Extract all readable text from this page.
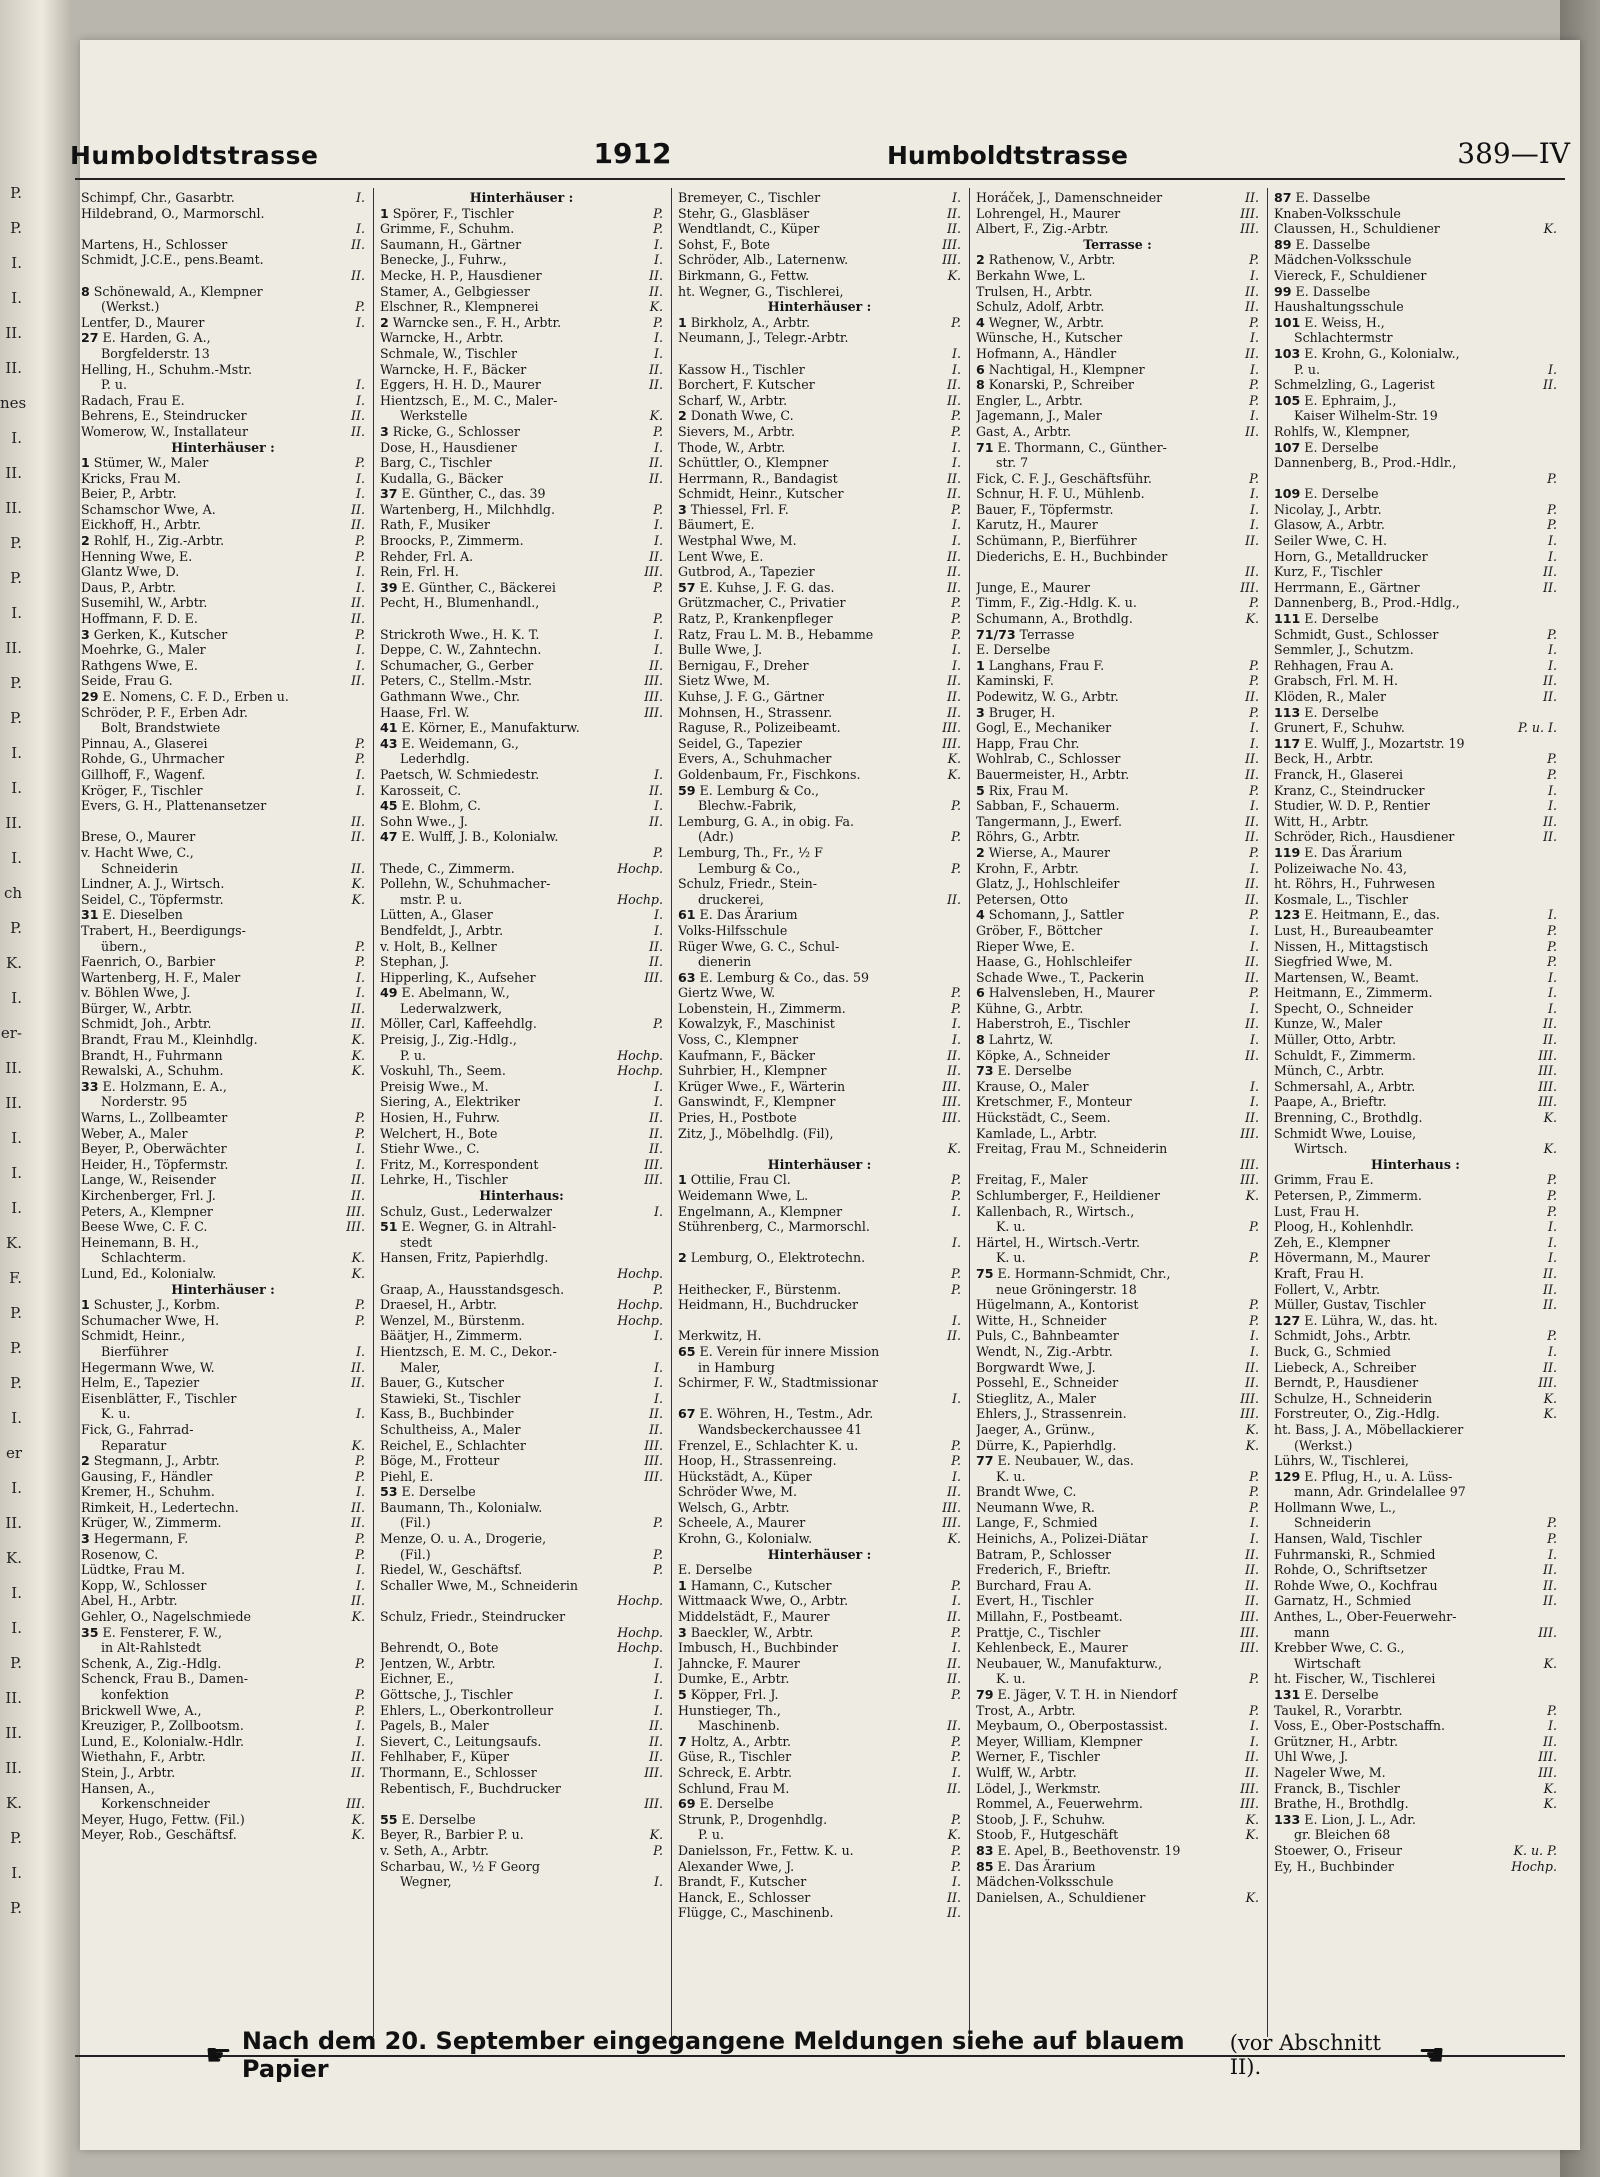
P.
P.
I.
I.
II.
II.
nes
I.
II.
II.
P.
P.
I.
II.
P.
P.
I.
I.
II.
I.
ch
P.
K.
I.
er-
II.
II.
I.
I.
I.
K.
F.
P.
P.
P.
I.
er
I.
II.
K.
I.
I.
P.
II.
II.
II.
K.
P.
I.
P.
Humboldtstrasse	1912	Humboldtstrasse	389—IV
Schimpf, Chr., Gasarbtr.	I.
Hildebrand, O., Marmorschl.
I.
Martens, H., Schlosser	II.
Schmidt, J.C.E., pens.Beamt.
II.
8 Schönewald, A., Klempner
(Werkst.)	P.
Lentfer, D., Maurer	I.
27 E. Harden, G. A.,
Borgfelderstr. 13
Helling, H., Schuhm.-Mstr.
P. u.	I.
Radach, Frau E.	I.
Behrens, E., Steindrucker	II.
Womerow, W., Installateur	II.
Hinterhäuser :
1 Stümer, W., Maler	P.
Kricks, Frau M.	I.
Beier, P., Arbtr.	I.
Schamschor Wwe, A.	II.
Eickhoff, H., Arbtr.	II.
2 Rohlf, H., Zig.-Arbtr.	P.
Henning Wwe, E.	P.
Glantz Wwe, D.	I.
Daus, P., Arbtr.	I.
Susemihl, W., Arbtr.	II.
Hoffmann, F. D. E.	II.
3 Gerken, K., Kutscher	P.
Moehrke, G., Maler	I.
Rathgens Wwe, E.	I.
Seide, Frau G.	II.
29 E. Nomens, C. F. D., Erben u.
Schröder, P. F., Erben Adr.
Bolt, Brandstwiete
Pinnau, A., Glaserei	P.
Rohde, G., Uhrmacher	P.
Gillhoff, F., Wagenf.	I.
Kröger, F., Tischler	I.
Evers, G. H., Plattenansetzer
II.
Brese, O., Maurer	II.
v. Hacht Wwe, C.,
Schneiderin	II.
Lindner, A. J., Wirtsch.	K.
Seidel, C., Töpfermstr.	K.
31 E. Dieselben
Trabert, H., Beerdigungs-
übern.,	P.
Faenrich, O., Barbier	P.
Wartenberg, H. F., Maler	I.
v. Böhlen Wwe, J.	I.
Bürger, W., Arbtr.	II.
Schmidt, Joh., Arbtr.	II.
Brandt, Frau M., Kleinhdlg.	K.
Brandt, H., Fuhrmann	K.
Rewalski, A., Schuhm.	K.
33 E. Holzmann, E. A.,
Norderstr. 95
Warns, L., Zollbeamter	P.
Weber, A., Maler	P.
Beyer, P., Oberwächter	I.
Heider, H., Töpfermstr.	I.
Lange, W., Reisender	II.
Kirchenberger, Frl. J.	II.
Peters, A., Klempner	III.
Beese Wwe, C. F. C.	III.
Heinemann, B. H.,
Schlachterm.	K.
Lund, Ed., Kolonialw.	K.
Hinterhäuser :
1 Schuster, J., Korbm.	P.
Schumacher Wwe, H.	P.
Schmidt, Heinr.,
Bierführer	I.
Hegermann Wwe, W.	II.
Helm, E., Tapezier	II.
Eisenblätter, F., Tischler
K. u.	I.
Fick, G., Fahrrad-
Reparatur	K.
2 Stegmann, J., Arbtr.	P.
Gausing, F., Händler	P.
Kremer, H., Schuhm.	I.
Rimkeit, H., Ledertechn.	II.
Krüger, W., Zimmerm.	II.
3 Hegermann, F.	P.
Rosenow, C.	P.
Lüdtke, Frau M.	I.
Kopp, W., Schlosser	I.
Abel, H., Arbtr.	II.
Gehler, O., Nagelschmiede	K.
35 E. Fensterer, F. W.,
in Alt-Rahlstedt
Schenk, A., Zig.-Hdlg.	P.
Schenck, Frau B., Damen-
konfektion	P.
Brickwell Wwe, A.,	P.
Kreuziger, P., Zollbootsm.	I.
Lund, E., Kolonialw.-Hdlr.	I.
Wiethahn, F., Arbtr.	II.
Stein, J., Arbtr.	II.
Hansen, A.,
Korkenschneider	III.
Meyer, Hugo, Fettw. (Fil.)	K.
Meyer, Rob., Geschäftsf.	K.
Hinterhäuser :
1 Spörer, F., Tischler	P.
Grimme, F., Schuhm.	P.
Saumann, H., Gärtner	I.
Benecke, J., Fuhrw.,	I.
Mecke, H. P., Hausdiener	II.
Stamer, A., Gelbgiesser	II.
Elschner, R., Klempnerei	K.
2 Warncke sen., F. H., Arbtr.	P.
Warncke, H., Arbtr.	I.
Schmale, W., Tischler	I.
Warncke, H. F., Bäcker	II.
Eggers, H. H. D., Maurer	II.
Hientzsch, E., M. C., Maler-
Werkstelle	K.
3 Ricke, G., Schlosser	P.
Dose, H., Hausdiener	I.
Barg, C., Tischler	II.
Kudalla, G., Bäcker	II.
37 E. Günther, C., das. 39
Wartenberg, H., Milchhdlg.	P.
Rath, F., Musiker	I.
Broocks, P., Zimmerm.	I.
Rehder, Frl. A.	II.
Rein, Frl. H.	III.
39 E. Günther, C., Bäckerei	P.
Pecht, H., Blumenhandl.,
P.
Strickroth Wwe., H. K. T.	I.
Deppe, C. W., Zahntechn.	I.
Schumacher, G., Gerber	II.
Peters, C., Stellm.-Mstr.	III.
Gathmann Wwe., Chr.	III.
Haase, Frl. W.	III.
41 E. Körner, E., Manufakturw.
43 E. Weidemann, G.,
Lederhdlg.
Paetsch, W. Schmiedestr.	I.
Karosseit, C.	II.
45 E. Blohm, C.	I.
Sohn Wwe., J.	II.
47 E. Wulff, J. B., Kolonialw.
P.
Thede, C., Zimmerm.	Hochp.
Pollehn, W., Schuhmacher-
mstr. P. u.	Hochp.
Lütten, A., Glaser	I.
Bendfeldt, J., Arbtr.	I.
v. Holt, B., Kellner	II.
Stephan, J.	II.
Hipperling, K., Aufseher	III.
49 E. Abelmann, W.,
Lederwalzwerk,
Möller, Carl, Kaffeehdlg.	P.
Preisig, J., Zig.-Hdlg.,
P. u.	Hochp.
Voskuhl, Th., Seem.	Hochp.
Preisig Wwe., M.	I.
Siering, A., Elektriker	I.
Hosien, H., Fuhrw.	II.
Welchert, H., Bote	II.
Stiehr Wwe., C.	II.
Fritz, M., Korrespondent	III.
Lehrke, H., Tischler	III.
Hinterhaus:
Schulz, Gust., Lederwalzer	I.
51 E. Wegner, G. in Altrahl-
stedt
Hansen, Fritz, Papierhdlg.
Hochp.
Graap, A., Hausstandsgesch.	P.
Draesel, H., Arbtr.	Hochp.
Wenzel, M., Bürstenm.	Hochp.
Bäätjer, H., Zimmerm.	I.
Hientzsch, E. M. C., Dekor.-
Maler,	I.
Bauer, G., Kutscher	I.
Stawieki, St., Tischler	I.
Kass, B., Buchbinder	II.
Schultheiss, A., Maler	II.
Reichel, E., Schlachter	III.
Böge, M., Frotteur	III.
Piehl, E.	III.
53 E. Derselbe
Baumann, Th., Kolonialw.
(Fil.)	P.
Menze, O. u. A., Drogerie,
(Fil.)	P.
Riedel, W., Geschäftsf.	P.
Schaller Wwe, M., Schneiderin
Hochp.
Schulz, Friedr., Steindrucker
Hochp.
Behrendt, O., Bote	Hochp.
Jentzen, W., Arbtr.	I.
Eichner, E.,	I.
Göttsche, J., Tischler	I.
Ehlers, L., Oberkontrolleur	I.
Pagels, B., Maler	II.
Sievert, C., Leitungsaufs.	II.
Fehlhaber, F., Küper	II.
Thormann, E., Schlosser	III.
Rebentisch, F., Buchdrucker
III.
55 E. Derselbe
Beyer, R., Barbier P. u.	K.
v. Seth, A., Arbtr.	P.
Scharbau, W., ½ F Georg
Wegner,	I.
Bremeyer, C., Tischler	I.
Stehr, G., Glasbläser	II.
Wendtlandt, C., Küper	II.
Sohst, F., Bote	III.
Schröder, Alb., Laternenw.	III.
Birkmann, G., Fettw.	K.
ht. Wegner, G., Tischlerei,
Hinterhäuser :
1 Birkholz, A., Arbtr.	P.
Neumann, J., Telegr.-Arbtr.
I.
Kassow H., Tischler	I.
Borchert, F. Kutscher	II.
Scharf, W., Arbtr.	II.
2 Donath Wwe, C.	P.
Sievers, M., Arbtr.	P.
Thode, W., Arbtr.	I.
Schüttler, O., Klempner	I.
Herrmann, R., Bandagist	II.
Schmidt, Heinr., Kutscher	II.
3 Thiessel, Frl. F.	P.
Bäumert, E.	I.
Westphal Wwe, M.	I.
Lent Wwe, E.	II.
Gutbrod, A., Tapezier	II.
57 E. Kuhse, J. F. G. das.	II.
Grützmacher, C., Privatier	P.
Ratz, P., Krankenpfleger	P.
Ratz, Frau L. M. B., Hebamme	P.
Bulle Wwe, J.	I.
Bernigau, F., Dreher	I.
Sietz Wwe, M.	II.
Kuhse, J. F. G., Gärtner	II.
Mohnsen, H., Strassenr.	II.
Raguse, R., Polizeibeamt.	III.
Seidel, G., Tapezier	III.
Evers, A., Schuhmacher	K.
Goldenbaum, Fr., Fischkons.	K.
59 E. Lemburg & Co.,
Blechw.-Fabrik,	P.
Lemburg, G. A., in obig. Fa.
(Adr.)	P.
Lemburg, Th., Fr., ½ F
Lemburg & Co.,	P.
Schulz, Friedr., Stein-
druckerei,	II.
61 E. Das Ärarium
Volks-Hilfsschule
Rüger Wwe, G. C., Schul-
dienerin
63 E. Lemburg & Co., das. 59
Giertz Wwe, W.	P.
Lobenstein, H., Zimmerm.	P.
Kowalzyk, F., Maschinist	I.
Voss, C., Klempner	I.
Kaufmann, F., Bäcker	II.
Suhrbier, H., Klempner	II.
Krüger Wwe., F., Wärterin	III.
Ganswindt, F., Klempner	III.
Pries, H., Postbote	III.
Zitz, J., Möbelhdlg. (Fil),
K.
Hinterhäuser :
1 Ottilie, Frau Cl.	P.
Weidemann Wwe, L.	P.
Engelmann, A., Klempner	I.
Stührenberg, C., Marmorschl.
I.
2 Lemburg, O., Elektrotechn.
P.
Heithecker, F., Bürstenm.	P.
Heidmann, H., Buchdrucker
I.
Merkwitz, H.	II.
65 E. Verein für innere Mission
in Hamburg
Schirmer, F. W., Stadtmissionar
I.
67 E. Wöhren, H., Testm., Adr.
Wandsbeckerchaussee 41
Frenzel, E., Schlachter K. u.	P.
Hoop, H., Strassenreing.	P.
Hückstädt, A., Küper	I.
Schröder Wwe, M.	II.
Welsch, G., Arbtr.	III.
Scheele, A., Maurer	III.
Krohn, G., Kolonialw.	K.
Hinterhäuser :
E. Derselbe
1 Hamann, C., Kutscher	P.
Wittmaack Wwe, O., Arbtr.	I.
Middelstädt, F., Maurer	II.
3 Baeckler, W., Arbtr.	P.
Imbusch, H., Buchbinder	I.
Jahncke, F. Maurer	II.
Dumke, E., Arbtr.	II.
5 Köpper, Frl. J.	P.
Hunstieger, Th.,
Maschinenb.	II.
7 Holtz, A., Arbtr.	P.
Güse, R., Tischler	P.
Schreck, E. Arbtr.	I.
Schlund, Frau M.	II.
69 E. Derselbe
Strunk, P., Drogenhdlg.	P.
P. u.	K.
Danielsson, Fr., Fettw. K. u.	P.
Alexander Wwe, J.	P.
Brandt, F., Kutscher	I.
Hanck, E., Schlosser	II.
Flügge, C., Maschinenb.	II.
Horáček, J., Damenschneider	II.
Lohrengel, H., Maurer	III.
Albert, F., Zig.-Arbtr.	III.
Terrasse :
2 Rathenow, V., Arbtr.	P.
Berkahn Wwe, L.	I.
Trulsen, H., Arbtr.	II.
Schulz, Adolf, Arbtr.	II.
4 Wegner, W., Arbtr.	P.
Wünsche, H., Kutscher	I.
Hofmann, A., Händler	II.
6 Nachtigal, H., Klempner	I.
8 Konarski, P., Schreiber	P.
Engler, L., Arbtr.	P.
Jagemann, J., Maler	I.
Gast, A., Arbtr.	II.
71 E. Thormann, C., Günther-
str. 7
Fick, C. F. J., Geschäftsführ.	P.
Schnur, H. F. U., Mühlenb.	I.
Bauer, F., Töpfermstr.	I.
Karutz, H., Maurer	I.
Schümann, P., Bierführer	II.
Diederichs, E. H., Buchbinder
II.
Junge, E., Maurer	III.
Timm, F., Zig.-Hdlg. K. u.	P.
Schumann, A., Brothdlg.	K.
71/73 Terrasse
E. Derselbe
1 Langhans, Frau F.	P.
Kaminski, F.	P.
Podewitz, W. G., Arbtr.	II.
3 Bruger, H.	P.
Gogl, E., Mechaniker	I.
Happ, Frau Chr.	I.
Wohlrab, C., Schlosser	II.
Bauermeister, H., Arbtr.	II.
5 Rix, Frau M.	P.
Sabban, F., Schauerm.	I.
Tangermann, J., Ewerf.	II.
Röhrs, G., Arbtr.	II.
2 Wierse, A., Maurer	P.
Krohn, F., Arbtr.	I.
Glatz, J., Hohlschleifer	II.
Petersen, Otto	II.
4 Schomann, J., Sattler	P.
Gröber, F., Böttcher	I.
Rieper Wwe, E.	I.
Haase, G., Hohlschleifer	II.
Schade Wwe., T., Packerin	II.
6 Halvensleben, H., Maurer	P.
Kühne, G., Arbtr.	I.
Haberstroh, E., Tischler	II.
8 Lahrtz, W.	I.
Köpke, A., Schneider	II.
73 E. Derselbe
Krause, O., Maler	I.
Kretschmer, F., Monteur	I.
Hückstädt, C., Seem.	II.
Kamlade, L., Arbtr.	III.
Freitag, Frau M., Schneiderin
III.
Freitag, F., Maler	III.
Schlumberger, F., Heildiener	K.
Kallenbach, R., Wirtsch.,
K. u.	P.
Härtel, H., Wirtsch.-Vertr.
K. u.	P.
75 E. Hormann-Schmidt, Chr.,
neue Gröningerstr. 18
Hügelmann, A., Kontorist	P.
Witte, H., Schneider	P.
Puls, C., Bahnbeamter	I.
Wendt, N., Zig.-Arbtr.	I.
Borgwardt Wwe, J.	II.
Possehl, E., Schneider	II.
Stieglitz, A., Maler	III.
Ehlers, J., Strassenrein.	III.
Jaeger, A., Grünw.,	K.
Dürre, K., Papierhdlg.	K.
77 E. Neubauer, W., das.
K. u.	P.
Brandt Wwe, C.	P.
Neumann Wwe, R.	P.
Lange, F., Schmied	I.
Heinichs, A., Polizei-Diätar	I.
Batram, P., Schlosser	II.
Frederich, F., Brieftr.	II.
Burchard, Frau A.	II.
Evert, H., Tischler	II.
Millahn, F., Postbeamt.	III.
Prattje, C., Tischler	III.
Kehlenbeck, E., Maurer	III.
Neubauer, W., Manufakturw.,
K. u.	P.
79 E. Jäger, V. T. H. in Niendorf
Trost, A., Arbtr.	P.
Meybaum, O., Oberpostassist.	I.
Meyer, William, Klempner	I.
Werner, F., Tischler	II.
Wulff, W., Arbtr.	II.
Lödel, J., Werkmstr.	III.
Rommel, A., Feuerwehrm.	III.
Stoob, J. F., Schuhw.	K.
Stoob, F., Hutgeschäft	K.
83 E. Apel, B., Beethovenstr. 19
85 E. Das Ärarium
Mädchen-Volksschule
Danielsen, A., Schuldiener	K.
87 E. Dasselbe
Knaben-Volksschule
Claussen, H., Schuldiener	K.
89 E. Dasselbe
Mädchen-Volksschule
Viereck, F., Schuldiener
99 E. Dasselbe
Haushaltungsschule
101 E. Weiss, H.,
Schlachtermstr
103 E. Krohn, G., Kolonialw.,
P. u.	I.
Schmelzling, G., Lagerist	II.
105 E. Ephraim, J.,
Kaiser Wilhelm-Str. 19
Rohlfs, W., Klempner,
107 E. Derselbe
Dannenberg, B., Prod.-Hdlr.,
P.
109 E. Derselbe
Nicolay, J., Arbtr.	P.
Glasow, A., Arbtr.	P.
Seiler Wwe, C. H.	I.
Horn, G., Metalldrucker	I.
Kurz, F., Tischler	II.
Herrmann, E., Gärtner	II.
Dannenberg, B., Prod.-Hdlg.,
111 E. Derselbe
Schmidt, Gust., Schlosser	P.
Semmler, J., Schutzm.	I.
Rehhagen, Frau A.	I.
Grabsch, Frl. M. H.	II.
Klöden, R., Maler	II.
113 E. Derselbe
Grunert, F., Schuhw.	P. u. I.
117 E. Wulff, J., Mozartstr. 19
Beck, H., Arbtr.	P.
Franck, H., Glaserei	P.
Kranz, C., Steindrucker	I.
Studier, W. D. P., Rentier	I.
Witt, H., Arbtr.	II.
Schröder, Rich., Hausdiener	II.
119 E. Das Ärarium
Polizeiwache No. 43,
ht. Röhrs, H., Fuhrwesen
Kosmale, L., Tischler
123 E. Heitmann, E., das.	I.
Lust, H., Bureaubeamter	P.
Nissen, H., Mittagstisch	P.
Siegfried Wwe, M.	P.
Martensen, W., Beamt.	I.
Heitmann, E., Zimmerm.	I.
Specht, O., Schneider	I.
Kunze, W., Maler	II.
Müller, Otto, Arbtr.	II.
Schuldt, F., Zimmerm.	III.
Münch, C., Arbtr.	III.
Schmersahl, A., Arbtr.	III.
Paape, A., Brieftr.	III.
Brenning, C., Brothdlg.	K.
Schmidt Wwe, Louise,
Wirtsch.	K.
Hinterhaus :
Grimm, Frau E.	P.
Petersen, P., Zimmerm.	P.
Lust, Frau H.	P.
Ploog, H., Kohlenhdlr.	I.
Zeh, E., Klempner	I.
Hövermann, M., Maurer	I.
Kraft, Frau H.	II.
Follert, V., Arbtr.	II.
Müller, Gustav, Tischler	II.
127 E. Lühra, W., das. ht.
Schmidt, Johs., Arbtr.	P.
Buck, G., Schmied	I.
Liebeck, A., Schreiber	II.
Berndt, P., Hausdiener	III.
Schulze, H., Schneiderin	K.
Forstreuter, O., Zig.-Hdlg.	K.
ht. Bass, J. A., Möbellackierer
(Werkst.)
Lührs, W., Tischlerei,
129 E. Pflug, H., u. A. Lüss-
mann, Adr. Grindelallee 97
Hollmann Wwe, L.,
Schneiderin	P.
Hansen, Wald, Tischler	P.
Fuhrmanski, R., Schmied	I.
Rohde, O., Schriftsetzer	II.
Rohde Wwe, O., Kochfrau	II.
Garnatz, H., Schmied	II.
Anthes, L., Ober-Feuerwehr-
mann	III.
Krebber Wwe, C. G.,
Wirtschaft	K.
ht. Fischer, W., Tischlerei
131 E. Derselbe
Taukel, R., Vorarbtr.	P.
Voss, E., Ober-Postschaffn.	I.
Grützner, H., Arbtr.	II.
Uhl Wwe, J.	III.
Nageler Wwe, M.	III.
Franck, B., Tischler	K.
Brathe, H., Brothdlg.	K.
133 E. Lion, J. L., Adr.
gr. Bleichen 68
Stoewer, O., Friseur	K. u. P.
Ey, H., Buchbinder	Hochp.
☛ Nach dem 20. September eingegangene Meldungen siehe auf blauem Papier
(vor Abschnitt II).	☚
